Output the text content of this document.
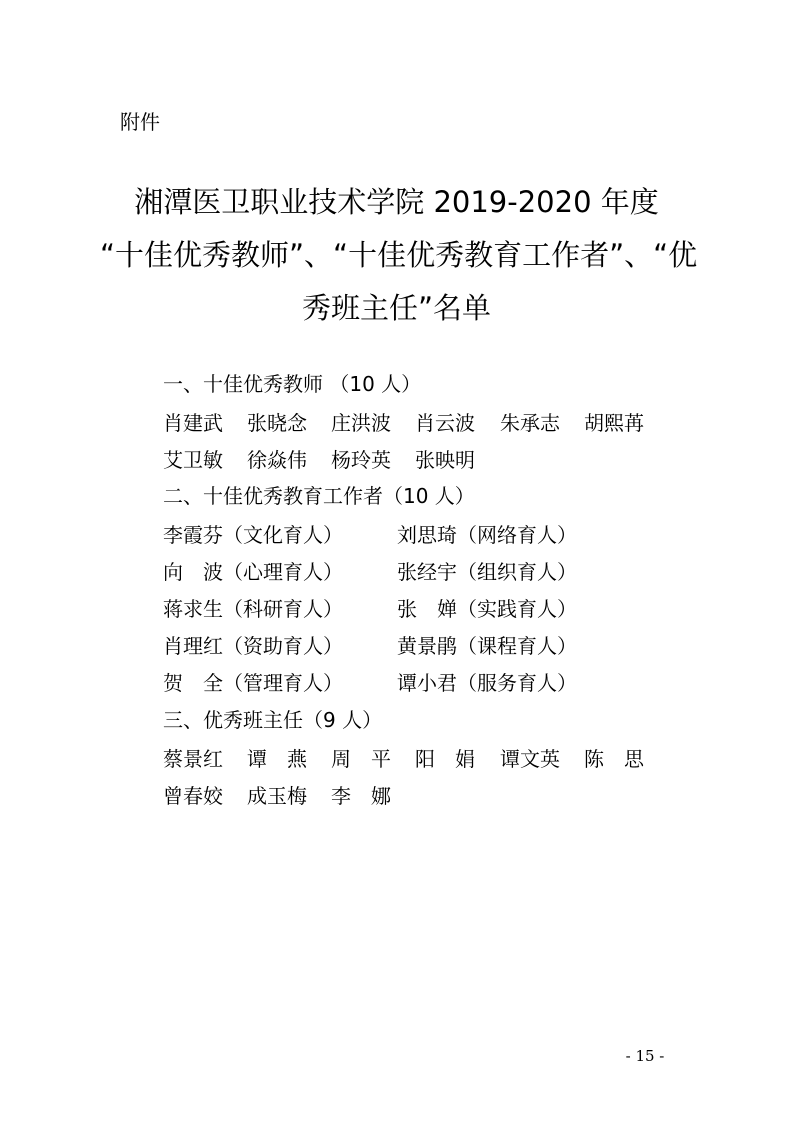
附件
湘潭医卫职业技术学院 2019-2020 年度
“十佳优秀教师”、“十佳优秀教育工作者”、“优
秀班主任”名单
一、十佳优秀教师 （10 人）
肖建武 张晓念 庄洪波 肖云波 朱承志 胡熙苒
艾卫敏 徐焱伟 杨玲英 张映明
二、十佳优秀教育工作者（10 人）
李霞芬（文化育人）	刘思琦（网络育人）
向　波（心理育人）	张经宇（组织育人）
蒋求生（科研育人）	张　婵（实践育人）
肖理红（资助育人）	黄景鹃（课程育人）
贺　全（管理育人）	谭小君（服务育人）
三、优秀班主任（9 人）
蔡景红 谭　燕 周　平 阳　娟 谭文英 陈　思
曾春姣 成玉梅 李　娜
- 15 -
